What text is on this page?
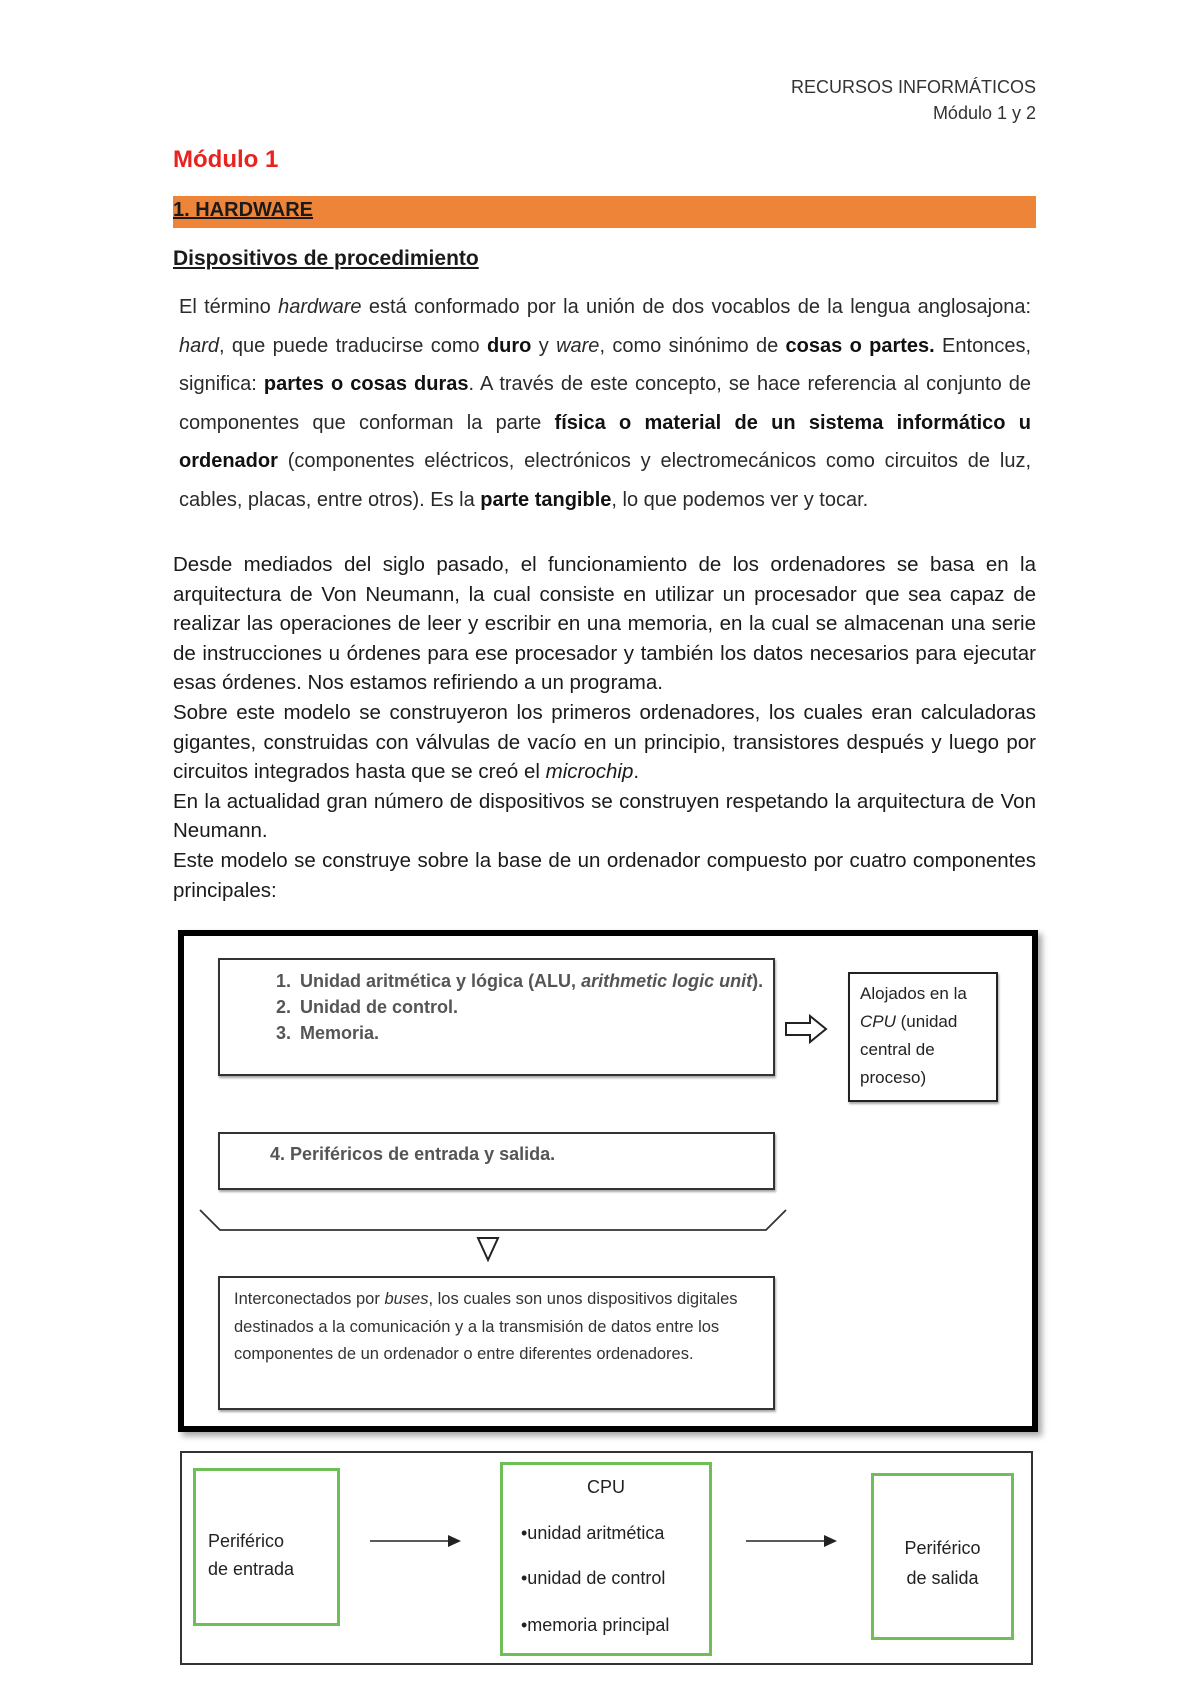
RECURSOS INFORMÁTICOS
Módulo 1 y 2
Módulo 1
1. HARDWARE
Dispositivos de procedimiento
El término hardware está conformado por la unión de dos vocablos de la lengua anglosajona: hard, que puede traducirse como duro y ware, como sinónimo de cosas o partes. Entonces, significa: partes o cosas duras. A través de este concepto, se hace referencia al conjunto de componentes que conforman la parte física o material de un sistema informático u ordenador (componentes eléctricos, electrónicos y electromecánicos como circuitos de luz, cables, placas, entre otros). Es la parte tangible, lo que podemos ver y tocar.

Desde mediados del siglo pasado, el funcionamiento de los ordenadores se basa en la arquitectura de Von Neumann, la cual consiste en utilizar un procesador que sea capaz de realizar las operaciones de leer y escribir en una memoria, en la cual se almacenan una serie de instrucciones u órdenes para ese procesador y también los datos necesarios para ejecutar esas órdenes. Nos estamos refiriendo a un programa.

Sobre este modelo se construyeron los primeros ordenadores, los cuales eran calculadoras gigantes, construidas con válvulas de vacío en un principio, transistores después y luego por circuitos integrados hasta que se creó el microchip.

En la actualidad gran número de dispositivos se construyen respetando la arquitectura de Von Neumann.

Este modelo se construye sobre la base de un ordenador compuesto por cuatro componentes principales:

1. Unidad aritmética y lógica (ALU, arithmetic logic unit).
2. Unidad de control.
3. Memoria.
Alojados en la CPU (unidad central de proceso)
4. Periféricos de entrada y salida.
Interconectados por buses, los cuales son unos dispositivos digitales destinados a la comunicación y a la transmisión de datos entre los componentes de un ordenador o entre diferentes ordenadores.
Periférico
de entrada
CPU
•unidad aritmética
•unidad de control
•memoria principal
Periférico
de salida
